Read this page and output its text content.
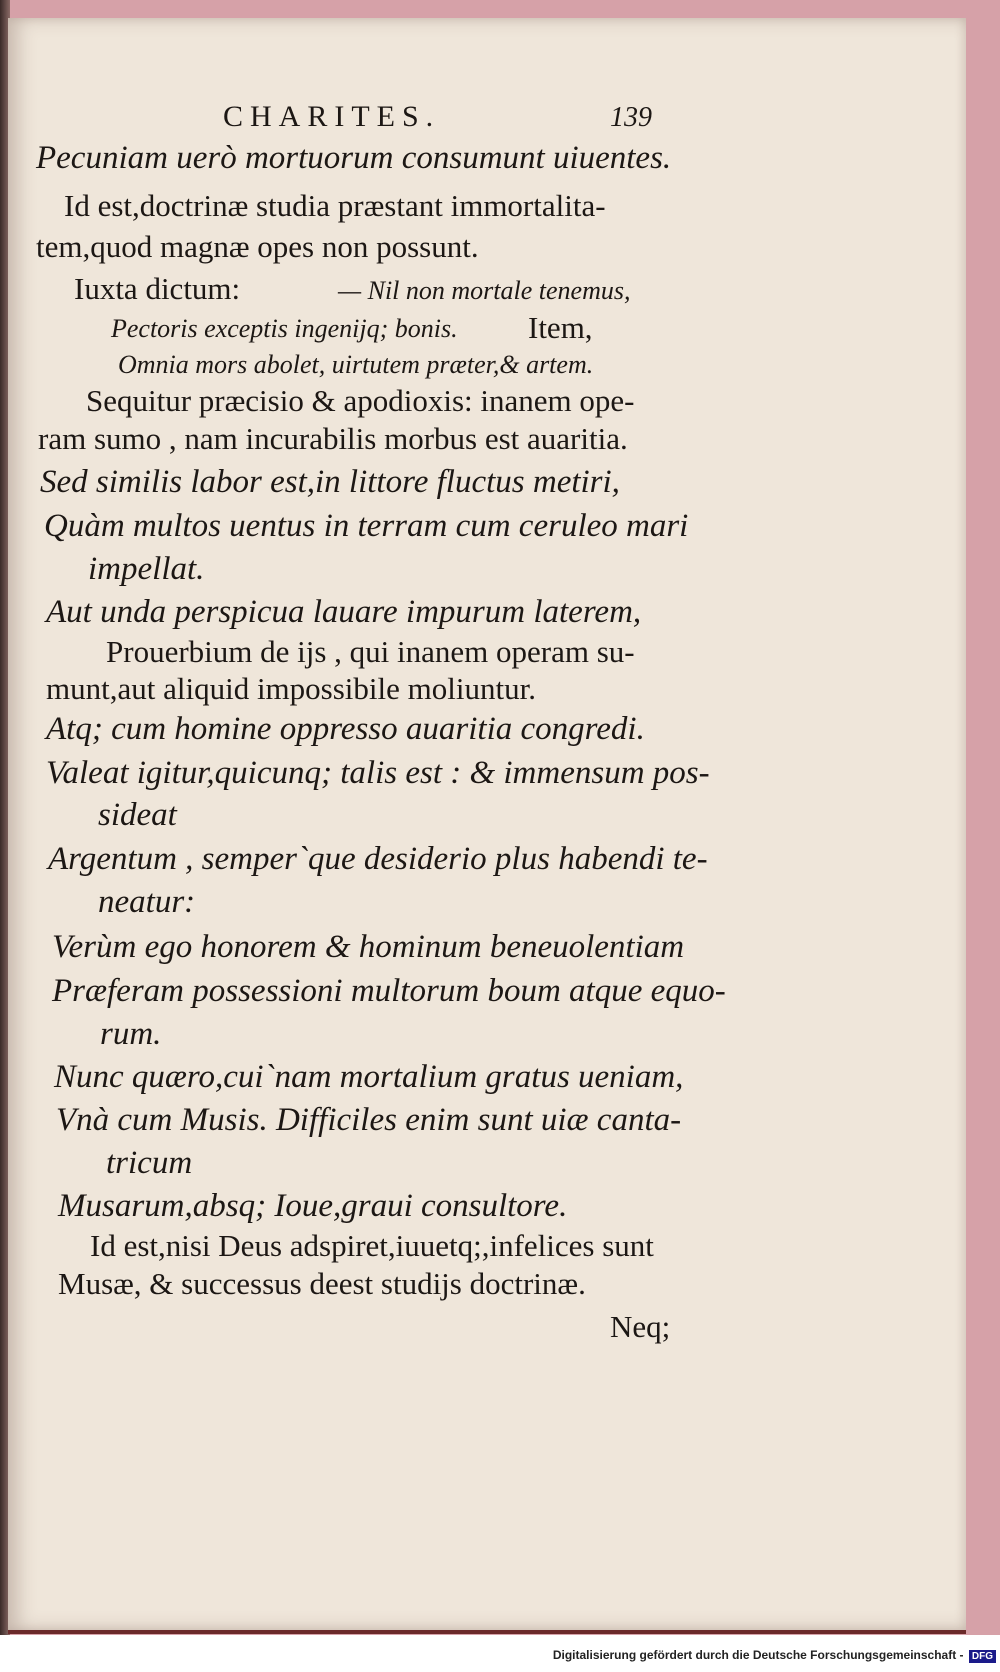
CHARITES.	139
Pecuniam uerò mortuorum consumunt uiuentes.
Id est,doctrinæ studia præstant immortalita-
tem,quod magnæ opes non possunt.
Iuxta dictum:	— Nil non mortale tenemus,
Pectoris exceptis ingenijq; bonis. Item,
Omnia mors abolet, uirtutem præter,& artem.
Sequitur præcisio & apodioxis: inanem ope-
ram sumo , nam incurabilis morbus est auaritia.
Sed similis labor est,in littore fluctus metiri,
Quàm multos uentus in terram cum ceruleo mari
impellat.
Aut unda perspicua lauare impurum laterem,
Prouerbium de ijs , qui inanem operam su-
munt,aut aliquid impossibile moliuntur.
Atq; cum homine oppresso auaritia congredi.
Valeat igitur,quicunq; talis est : & immensum pos-
sideat
Argentum , semper`que desiderio plus habendi te-
neatur:
Verùm ego honorem & hominum beneuolentiam
Præferam possessioni multorum boum atque equo-
rum.
Nunc quæro,cui`nam mortalium gratus ueniam,
Vnà cum Musis. Difficiles enim sunt uiæ canta-
tricum
Musarum,absq; Ioue,graui consultore.
Id est,nisi Deus adspiret,iuuetq;,infelices sunt
Musæ, & successus deest studijs doctrinæ.
Neq;
Digitalisierung gefördert durch die Deutsche Forschungsgemeinschaft - DFG
